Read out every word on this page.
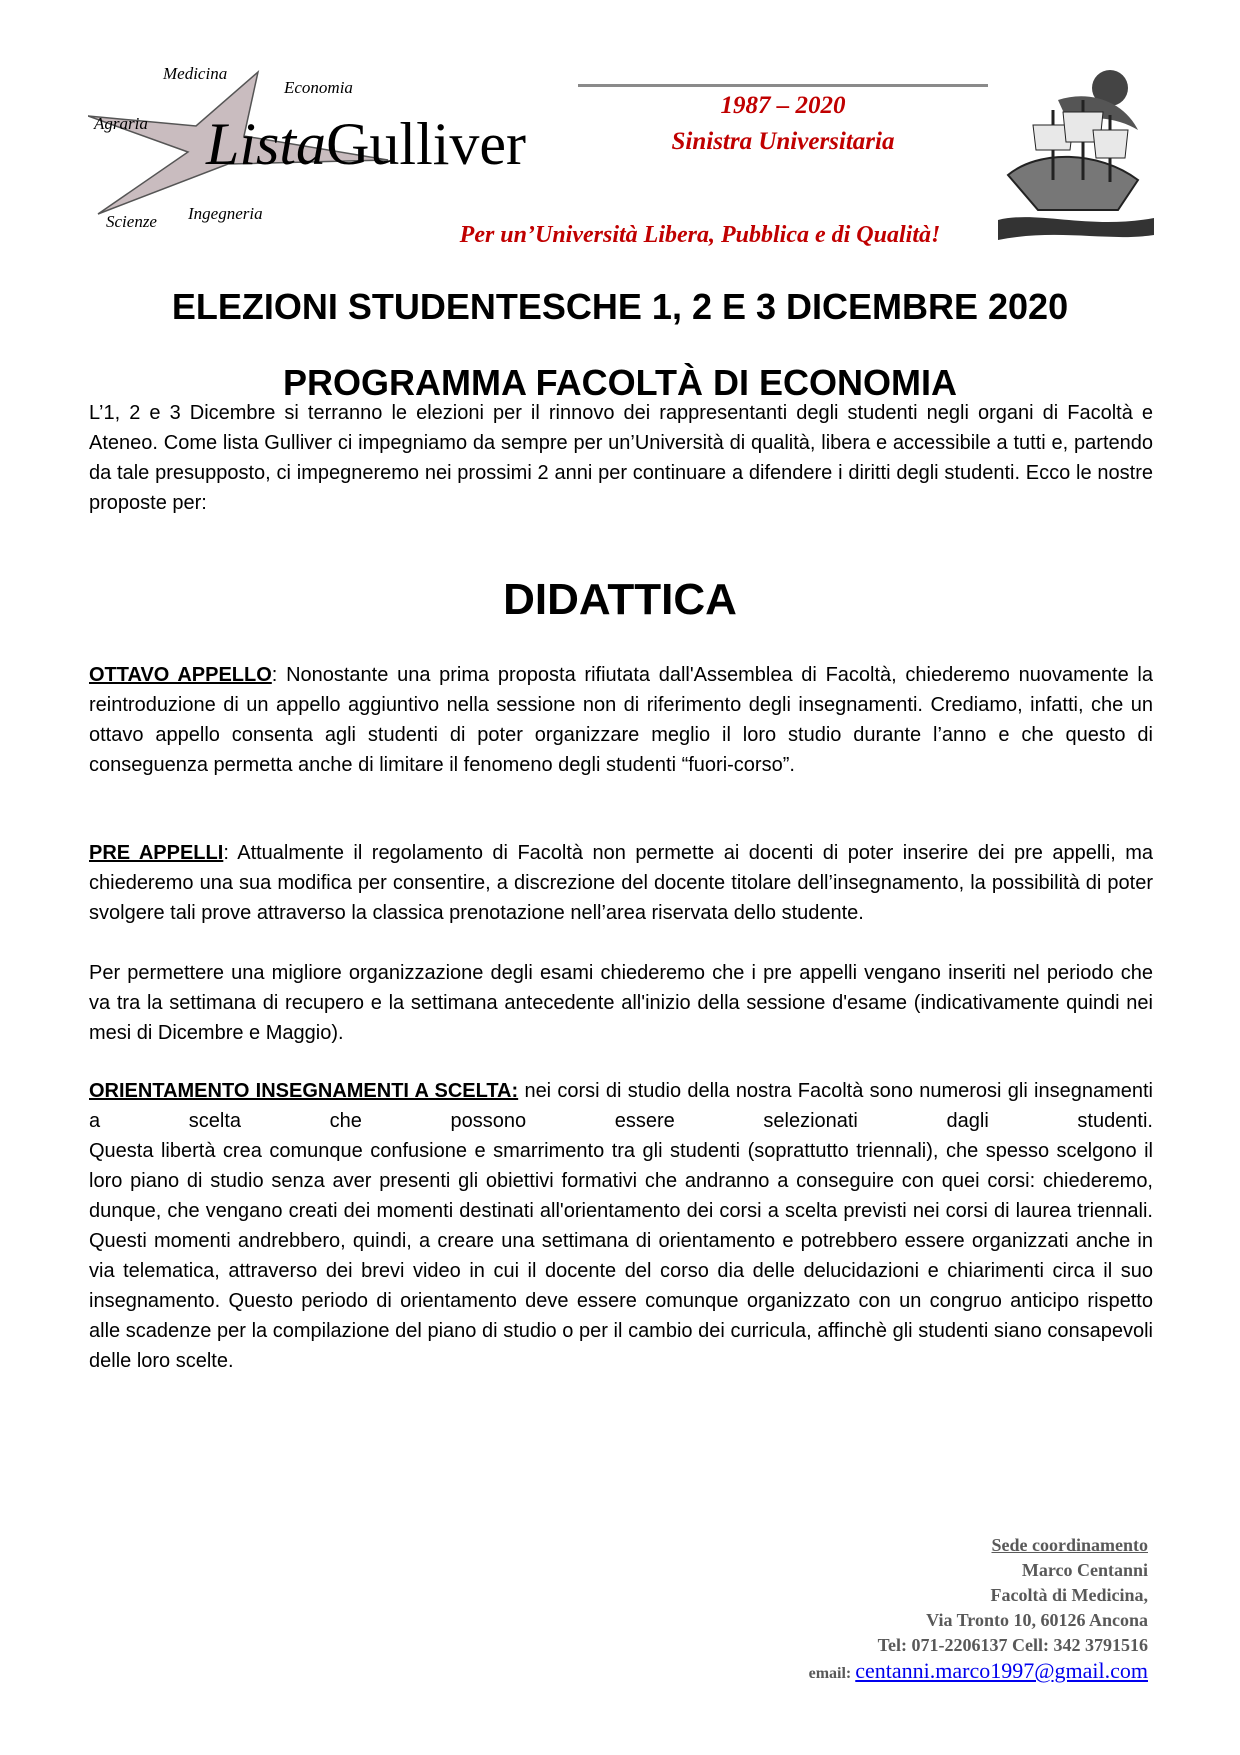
Medicina
Economia
Agraria
Scienze Ingegneria
ListaGulliver
1987 – 2020
Sinistra Universitaria
Per un’Università Libera, Pubblica e di Qualità!
ELEZIONI STUDENTESCHE 1, 2 E 3 DICEMBRE 2020
PROGRAMMA FACOLTÀ DI ECONOMIA
L’1, 2 e 3 Dicembre si terranno le elezioni per il rinnovo dei rappresentanti degli studenti negli organi di Facoltà e Ateneo. Come lista Gulliver ci impegniamo da sempre per un’Università di qualità, libera e accessibile a tutti e, partendo da tale presupposto, ci impegneremo nei prossimi 2 anni per continuare a difendere i diritti degli studenti. Ecco le nostre proposte per:
DIDATTICA
OTTAVO APPELLO: Nonostante una prima proposta rifiutata dall'Assemblea di Facoltà, chiederemo nuovamente la reintroduzione di un appello aggiuntivo nella sessione non di riferimento degli insegnamenti. Crediamo, infatti, che un ottavo appello consenta agli studenti di poter organizzare meglio il loro studio durante l’anno e che questo di conseguenza permetta anche di limitare il fenomeno degli studenti “fuori-corso”.
PRE APPELLI: Attualmente il regolamento di Facoltà non permette ai docenti di poter inserire dei pre appelli, ma chiederemo una sua modifica per consentire, a discrezione del docente titolare dell’insegnamento, la possibilità di poter svolgere tali prove attraverso la classica prenotazione nell’area riservata dello studente.
Per permettere una migliore organizzazione degli esami chiederemo che i pre appelli vengano inseriti nel periodo che va tra la settimana di recupero e la settimana antecedente all'inizio della sessione d'esame (indicativamente quindi nei mesi di Dicembre e Maggio).
ORIENTAMENTO INSEGNAMENTI A SCELTA: nei corsi di studio della nostra Facoltà sono numerosi gli insegnamenti a scelta che possono essere selezionati dagli studenti.
Questa libertà crea comunque confusione e smarrimento tra gli studenti (soprattutto triennali), che spesso scelgono il loro piano di studio senza aver presenti gli obiettivi formativi che andranno a conseguire con quei corsi: chiederemo, dunque, che vengano creati dei momenti destinati all'orientamento dei corsi a scelta previsti nei corsi di laurea triennali. Questi momenti andrebbero, quindi, a creare una settimana di orientamento e potrebbero essere organizzati anche in via telematica, attraverso dei brevi video in cui il docente del corso dia delle delucidazioni e chiarimenti circa il suo insegnamento. Questo periodo di orientamento deve essere comunque organizzato con un congruo anticipo rispetto alle scadenze per la compilazione del piano di studio o per il cambio dei curricula, affinchè gli studenti siano consapevoli delle loro scelte.
Sede coordinamento
Marco Centanni
Facoltà di Medicina,
Via Tronto 10, 60126 Ancona
Tel: 071-2206137 Cell: 342 3791516
email: centanni.marco1997@gmail.com
